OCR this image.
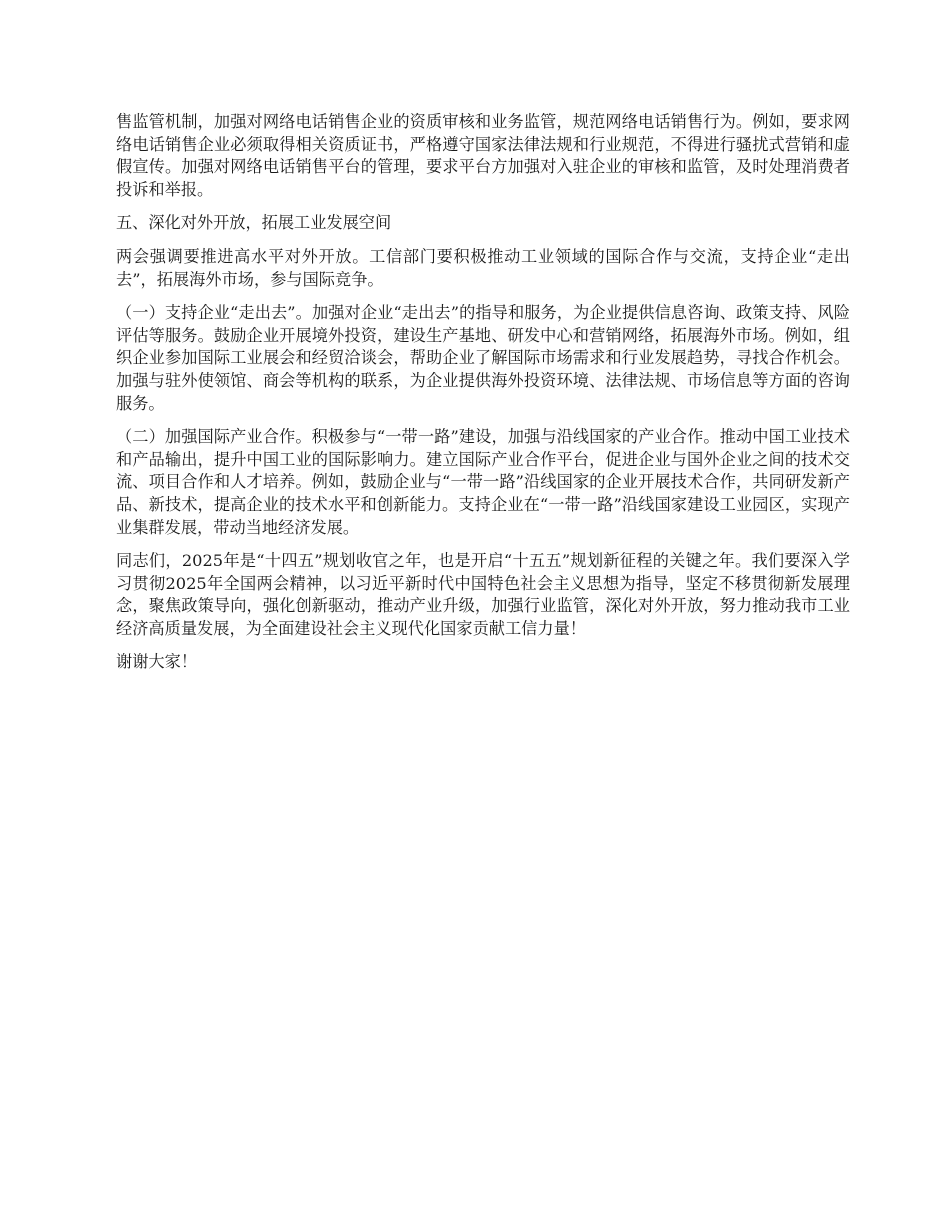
售监管机制，加强对网络电话销售企业的资质审核和业务监管，规范网络电话销售行为。例如，要求网络电话销售企业必须取得相关资质证书，严格遵守国家法律法规和行业规范，不得进行骚扰式营销和虚假宣传。加强对网络电话销售平台的管理，要求平台方加强对入驻企业的审核和监管，及时处理消费者投诉和举报。

五、深化对外开放，拓展工业发展空间

两会强调要推进高水平对外开放。工信部门要积极推动工业领域的国际合作与交流，支持企业“走出去”，拓展海外市场，参与国际竞争。

（一）支持企业“走出去”。加强对企业“走出去”的指导和服务，为企业提供信息咨询、政策支持、风险评估等服务。鼓励企业开展境外投资，建设生产基地、研发中心和营销网络，拓展海外市场。例如，组织企业参加国际工业展会和经贸洽谈会，帮助企业了解国际市场需求和行业发展趋势，寻找合作机会。加强与驻外使领馆、商会等机构的联系，为企业提供海外投资环境、法律法规、市场信息等方面的咨询服务。

（二）加强国际产业合作。积极参与“一带一路”建设，加强与沿线国家的产业合作。推动中国工业技术和产品输出，提升中国工业的国际影响力。建立国际产业合作平台，促进企业与国外企业之间的技术交流、项目合作和人才培养。例如，鼓励企业与“一带一路”沿线国家的企业开展技术合作，共同研发新产品、新技术，提高企业的技术水平和创新能力。支持企业在“一带一路”沿线国家建设工业园区，实现产业集群发展，带动当地经济发展。

同志们，2025年是“十四五”规划收官之年，也是开启“十五五”规划新征程的关键之年。我们要深入学习贯彻2025年全国两会精神，以习近平新时代中国特色社会主义思想为指导，坚定不移贯彻新发展理念，聚焦政策导向，强化创新驱动，推动产业升级，加强行业监管，深化对外开放，努力推动我市工业经济高质量发展，为全面建设社会主义现代化国家贡献工信力量！

谢谢大家！
